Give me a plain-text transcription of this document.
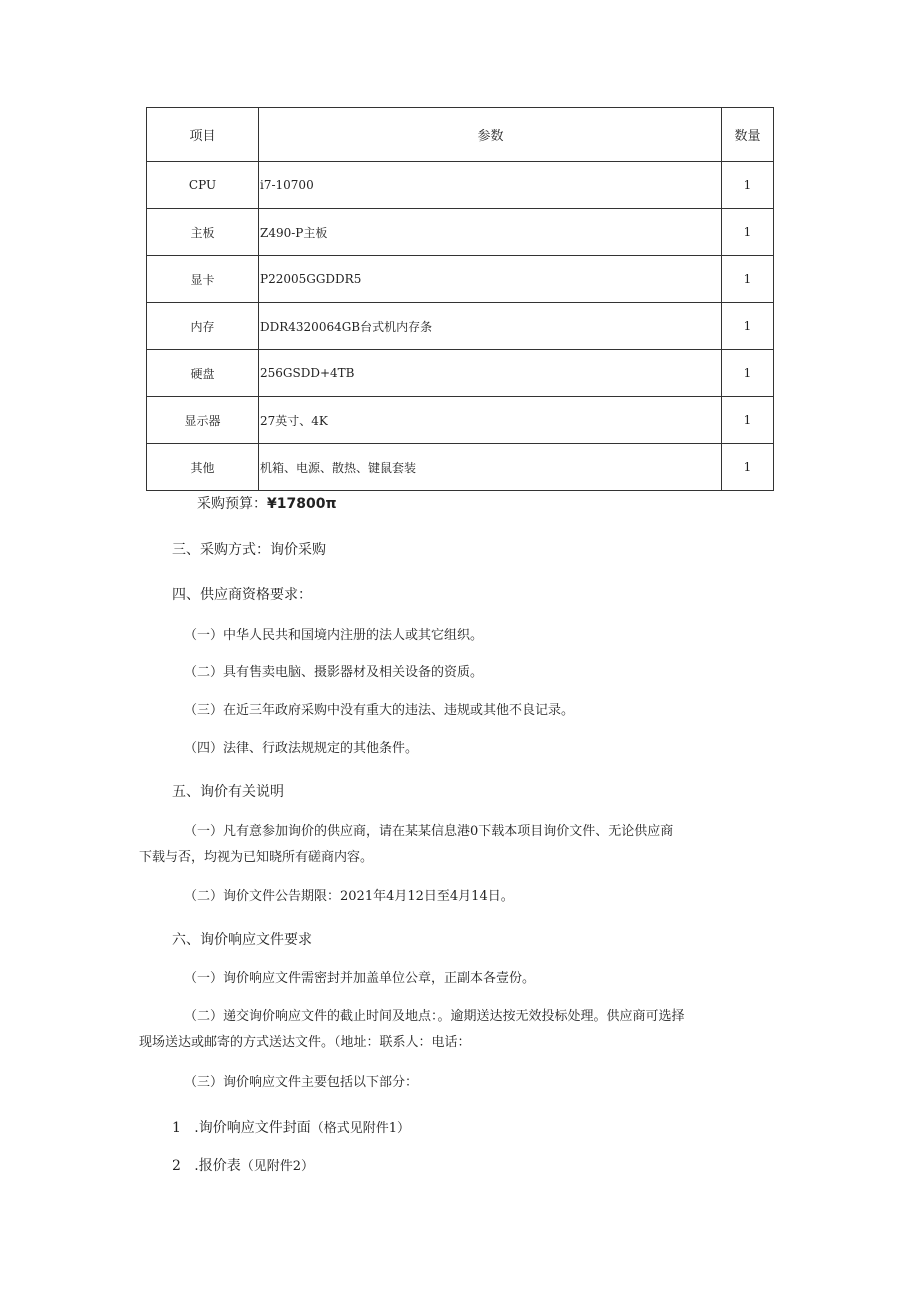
项目	参数	数量
CPU	i7-10700	1
主板	Z490-P主板	1
显卡	P22005GGDDR5	1
内存	DDR4320064GB台式机内存条	1
硬盘	256GSDD+4TB	1
显示器	27英寸、4K	1
其他	机箱、电源、散热、键鼠套装	1
采购预算：¥17800π
三、采购方式：询价采购
四、供应商资格要求：
（一）中华人民共和国境内注册的法人或其它组织。
（二）具有售卖电脑、摄影器材及相关设备的资质。
（三）在近三年政府采购中没有重大的违法、违规或其他不良记录。
（四）法律、行政法规规定的其他条件。
五、询价有关说明
（一）凡有意参加询价的供应商，请在某某信息港0下载本项目询价文件、无论供应商
下载与否，均视为已知晓所有磋商内容。
（二）询价文件公告期限：2021年4月12日至4月14日。
六、询价响应文件要求
（一）询价响应文件需密封并加盖单位公章，正副本各壹份。
（二）递交询价响应文件的截止时间及地点：。逾期送达按无效投标处理。供应商可选择
现场送达或邮寄的方式送达文件。（地址：联系人：电话：
（三）询价响应文件主要包括以下部分：
1 .询价响应文件封面（格式见附件1）
2 .报价表（见附件2）
